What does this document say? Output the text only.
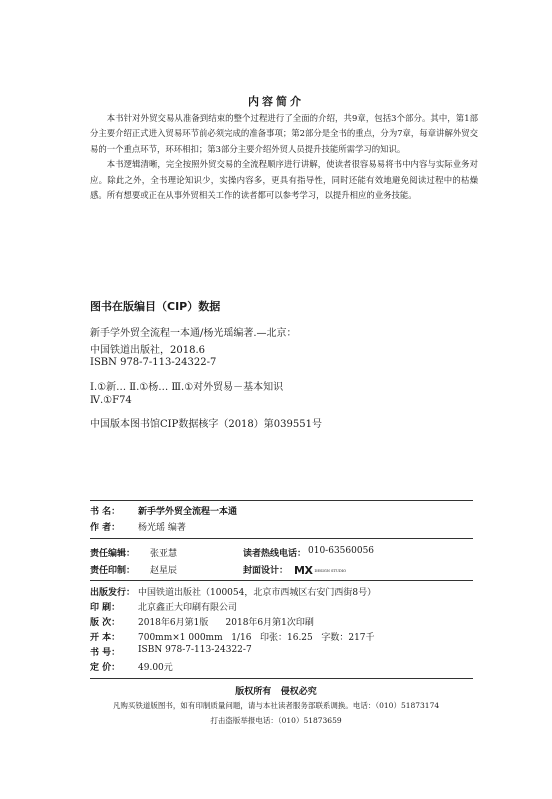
内容简介

本书针对外贸交易从准备到结束的整个过程进行了全面的介绍，共9章，包括3个部分。其中，第1部分主要介绍正式进入贸易环节前必须完成的准备事项；第2部分是全书的重点，分为7章，每章讲解外贸交易的一个重点环节，环环相扣；第3部分主要介绍外贸人员提升技能所需学习的知识。

本书逻辑清晰，完全按照外贸交易的全流程顺序进行讲解，使读者很容易易将书中内容与实际业务对应。除此之外，全书理论知识少，实操内容多，更具有指导性，同时还能有效地避免阅读过程中的枯燥感。所有想要或正在从事外贸相关工作的读者都可以参考学习，以提升相应的业务技能。

图书在版编目（CIP）数据
新手学外贸全流程一本通/杨光瑶编著.—北京：
中国铁道出版社，2018.6
ISBN 978-7-113-24322-7
Ⅰ.①新… Ⅱ.①杨… Ⅲ.①对外贸易－基本知识
Ⅳ.①F74
中国版本图书馆CIP数据核字（2018）第039551号
书 名： 新手学外贸全流程一本通
作 者： 杨光瑶 编著
责任编辑： 张亚慧	读者热线电话： 010-63560056
责任印制： 赵星辰	封面设计： MX DESIGN STUDIO
出版发行： 中国铁道出版社（100054，北京市西城区右安门西街8号）
印 刷： 北京鑫正大印刷有限公司
版 次： 2018年6月第1版      2018年6月第1次印刷
开 本： 700mm×1 000mm   1/16   印张：16.25   字数：217千
书 号： ISBN 978-7-113-24322-7
定 价： 49.00元
版权所有   侵权必究
凡购买铁道版图书，如有印制质量问题，请与本社读者服务部联系调换。电话：（010）51873174
打击盗版举报电话：（010）51873659
